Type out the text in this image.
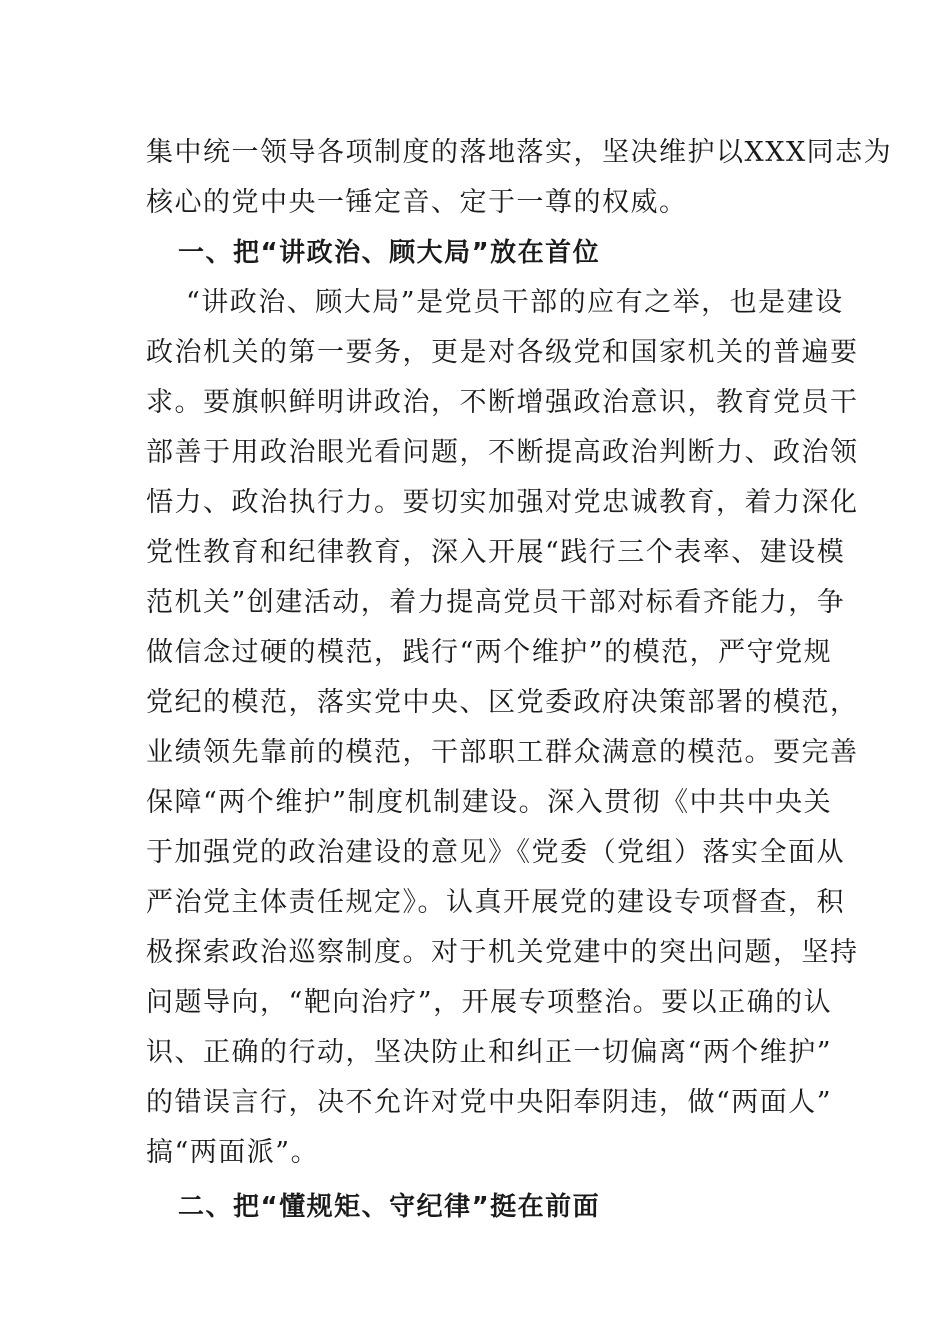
集中统一领导各项制度的落地落实，坚决维护以XXX同志为
核心的党中央一锤定音、定于一尊的权威。
一、把“讲政治、顾大局”放在首位
“讲政治、顾大局”是党员干部的应有之举，也是建设
政治机关的第一要务，更是对各级党和国家机关的普遍要
求。要旗帜鲜明讲政治，不断增强政治意识，教育党员干
部善于用政治眼光看问题，不断提高政治判断力、政治领
悟力、政治执行力。要切实加强对党忠诚教育，着力深化
党性教育和纪律教育，深入开展“践行三个表率、建设模
范机关”创建活动，着力提高党员干部对标看齐能力，争
做信念过硬的模范，践行“两个维护”的模范，严守党规
党纪的模范，落实党中央、区党委政府决策部署的模范，
业绩领先靠前的模范，干部职工群众满意的模范。要完善
保障“两个维护”制度机制建设。深入贯彻《中共中央关
于加强党的政治建设的意见》《党委（党组）落实全面从
严治党主体责任规定》。认真开展党的建设专项督查，积
极探索政治巡察制度。对于机关党建中的突出问题，坚持
问题导向，“靶向治疗”，开展专项整治。要以正确的认
识、正确的行动，坚决防止和纠正一切偏离“两个维护”
的错误言行，决不允许对党中央阳奉阴违，做“两面人”
搞“两面派”。
二、把“懂规矩、守纪律”挺在前面
